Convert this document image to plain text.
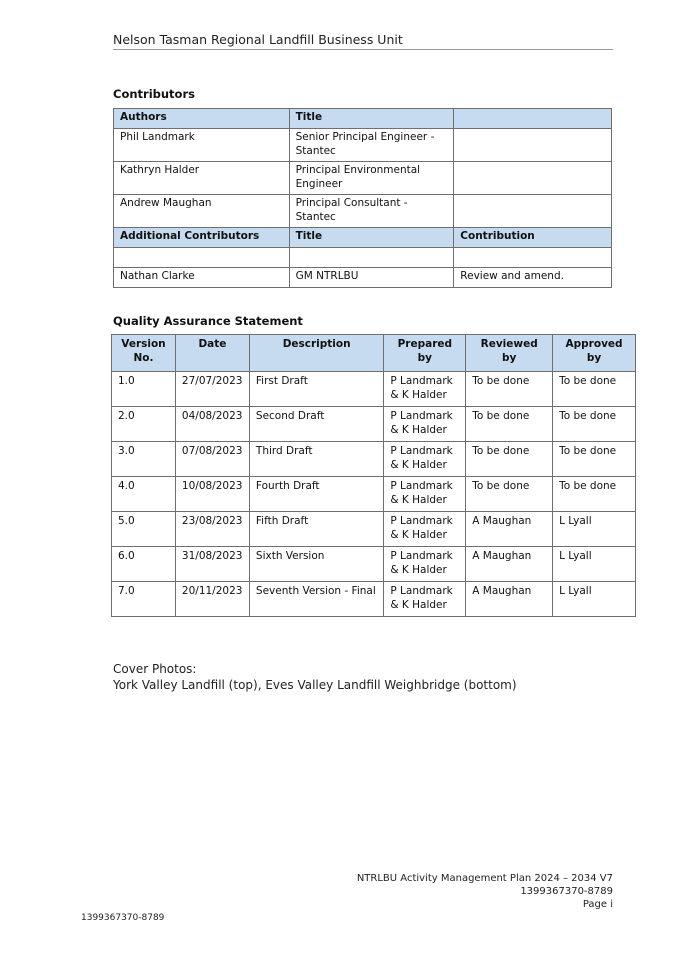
Nelson Tasman Regional Landfill Business Unit
Contributors
Authors	Title	
Phil Landmark	Senior Principal Engineer - Stantec	
Kathryn Halder	Principal Environmental Engineer	
Andrew Maughan	Principal Consultant - Stantec	
Additional Contributors	Title	Contribution

Nathan Clarke	GM NTRLBU	Review and amend.
Quality Assurance Statement
Version No.	Date	Description	Prepared by	Reviewed by	Approved by
1.0	27/07/2023	First Draft	P Landmark & K Halder	To be done	To be done
2.0	04/08/2023	Second Draft	P Landmark & K Halder	To be done	To be done
3.0	07/08/2023	Third Draft	P Landmark & K Halder	To be done	To be done
4.0	10/08/2023	Fourth Draft	P Landmark & K Halder	To be done	To be done
5.0	23/08/2023	Fifth Draft	P Landmark & K Halder	A Maughan	L Lyall
6.0	31/08/2023	Sixth Version	P Landmark & K Halder	A Maughan	L Lyall
7.0	20/11/2023	Seventh Version - Final	P Landmark & K Halder	A Maughan	L Lyall
Cover Photos:
York Valley Landfill (top), Eves Valley Landfill Weighbridge (bottom)
1399367370-8789
NTRLBU Activity Management Plan 2024 – 2034 V7
1399367370-8789
Page i
